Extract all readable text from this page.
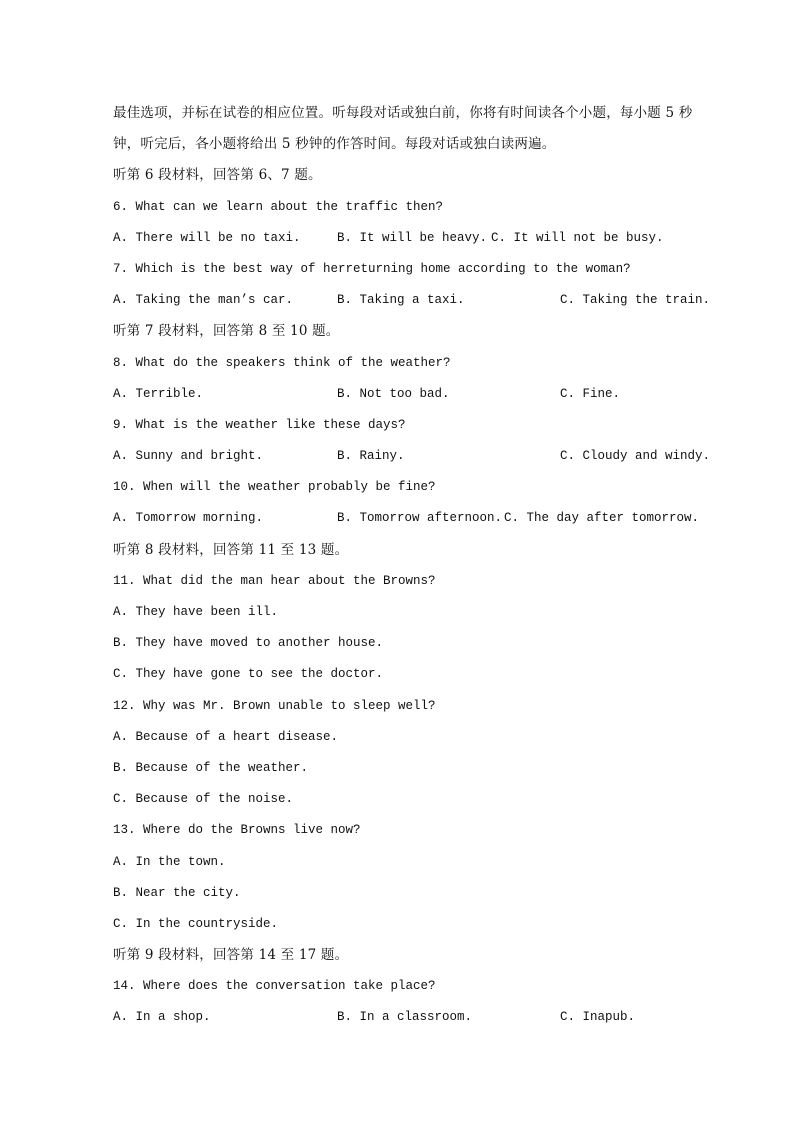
最佳选项，并标在试卷的相应位置。听每段对话或独白前，你将有时间读各个小题，每小题 5 秒
钟，听完后，各小题将给出 5 秒钟的作答时间。每段对话或独白读两遍。
听第 6 段材料，回答第 6、7 题。
6. What can we learn about the traffic then?
A. There will be no taxi.	B. It will be heavy. C. It will not be busy.
7. Which is the best way of herreturning home according to the woman?
A. Taking the man’s car.	B. Taking a taxi.	C. Taking the train.
听第 7 段材料，回答第 8 至 10 题。
8. What do the speakers think of the weather?
A. Terrible.	B. Not too bad.	C. Fine.
9. What is the weather like these days?
A. Sunny and bright.	B. Rainy.	C. Cloudy and windy.
10. When will the weather probably be fine?
A. Tomorrow morning.	B. Tomorrow afternoon. C. The day after tomorrow.
听第 8 段材料，回答第 11 至 13 题。
11. What did the man hear about the Browns?
A. They have been ill.
B. They have moved to another house.
C. They have gone to see the doctor.
12. Why was Mr. Brown unable to sleep well?
A. Because of a heart disease.
B. Because of the weather.
C. Because of the noise.
13. Where do the Browns live now?
A. In the town.
B. Near the city.
C. In the countryside.
听第 9 段材料，回答第 14 至 17 题。
14. Where does the conversation take place?
A. In a shop.	B. In a classroom.	C. Inapub.
